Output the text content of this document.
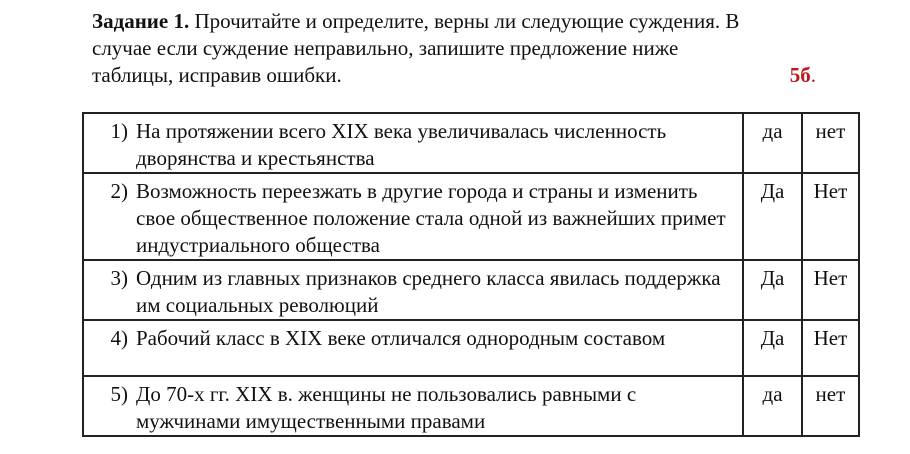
Задание 1. Прочитайте и определите, верны ли следующие суждения. В
случае если суждение неправильно, запишите предложение ниже
таблицы, исправив ошибки.	5б.
1) На протяжении всего XIX века увеличивалась численность дворянства и крестьянства	да	нет

2) Возможность переезжать в другие города и страны и изменить свое общественное положение стала одной из важнейших примет индустриального общества	Да	Нет

3) Одним из главных признаков среднего класса явилась поддержка им социальных революций	Да	Нет

4) Рабочий класс в XIX веке отличался однородным составом	Да	Нет

5) До 70-х гг. XIX в. женщины не пользовались равными с мужчинами имущественными правами	да	нет
